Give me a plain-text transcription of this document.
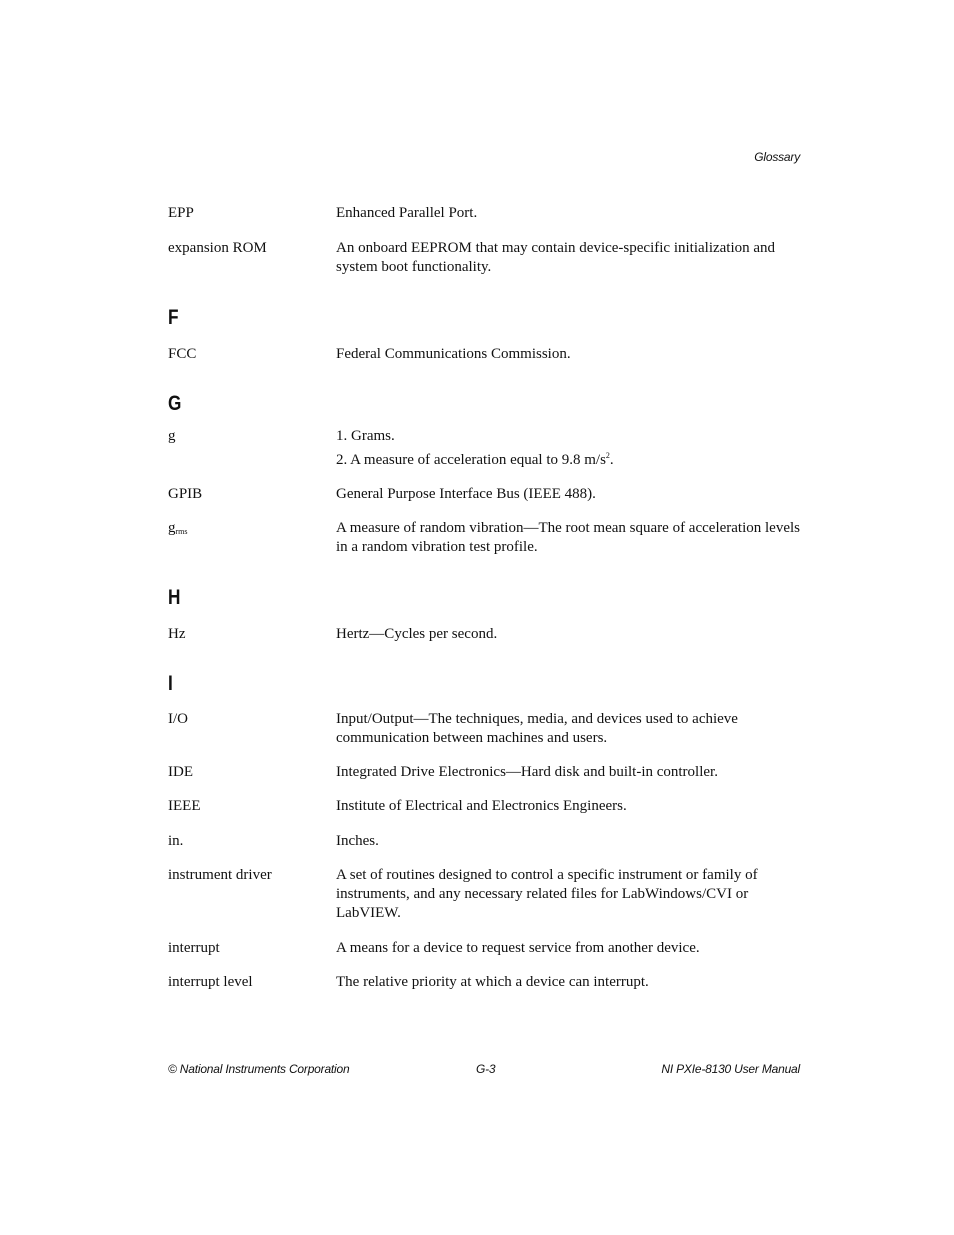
Glossary
EPP	Enhanced Parallel Port.
expansion ROM	An onboard EEPROM that may contain device-specific initialization and system boot functionality.
F
FCC	Federal Communications Commission.
G
g	1. Grams.
2. A measure of acceleration equal to 9.8 $m/s^2$.
GPIB	General Purpose Interface Bus (IEEE 488).
$g_{rms}$	A measure of random vibration—The root mean square of acceleration levels in a random vibration test profile.
H
Hz	Hertz—Cycles per second.
I
I/O	Input/Output—The techniques, media, and devices used to achieve communication between machines and users.
IDE	Integrated Drive Electronics—Hard disk and built-in controller.
IEEE	Institute of Electrical and Electronics Engineers.
in.	Inches.
instrument driver	A set of routines designed to control a specific instrument or family of instruments, and any necessary related files for LabWindows/CVI or LabVIEW.
interrupt	A means for a device to request service from another device.
interrupt level	The relative priority at which a device can interrupt.
© National Instruments Corporation	G-3	NI PXIe-8130 User Manual
